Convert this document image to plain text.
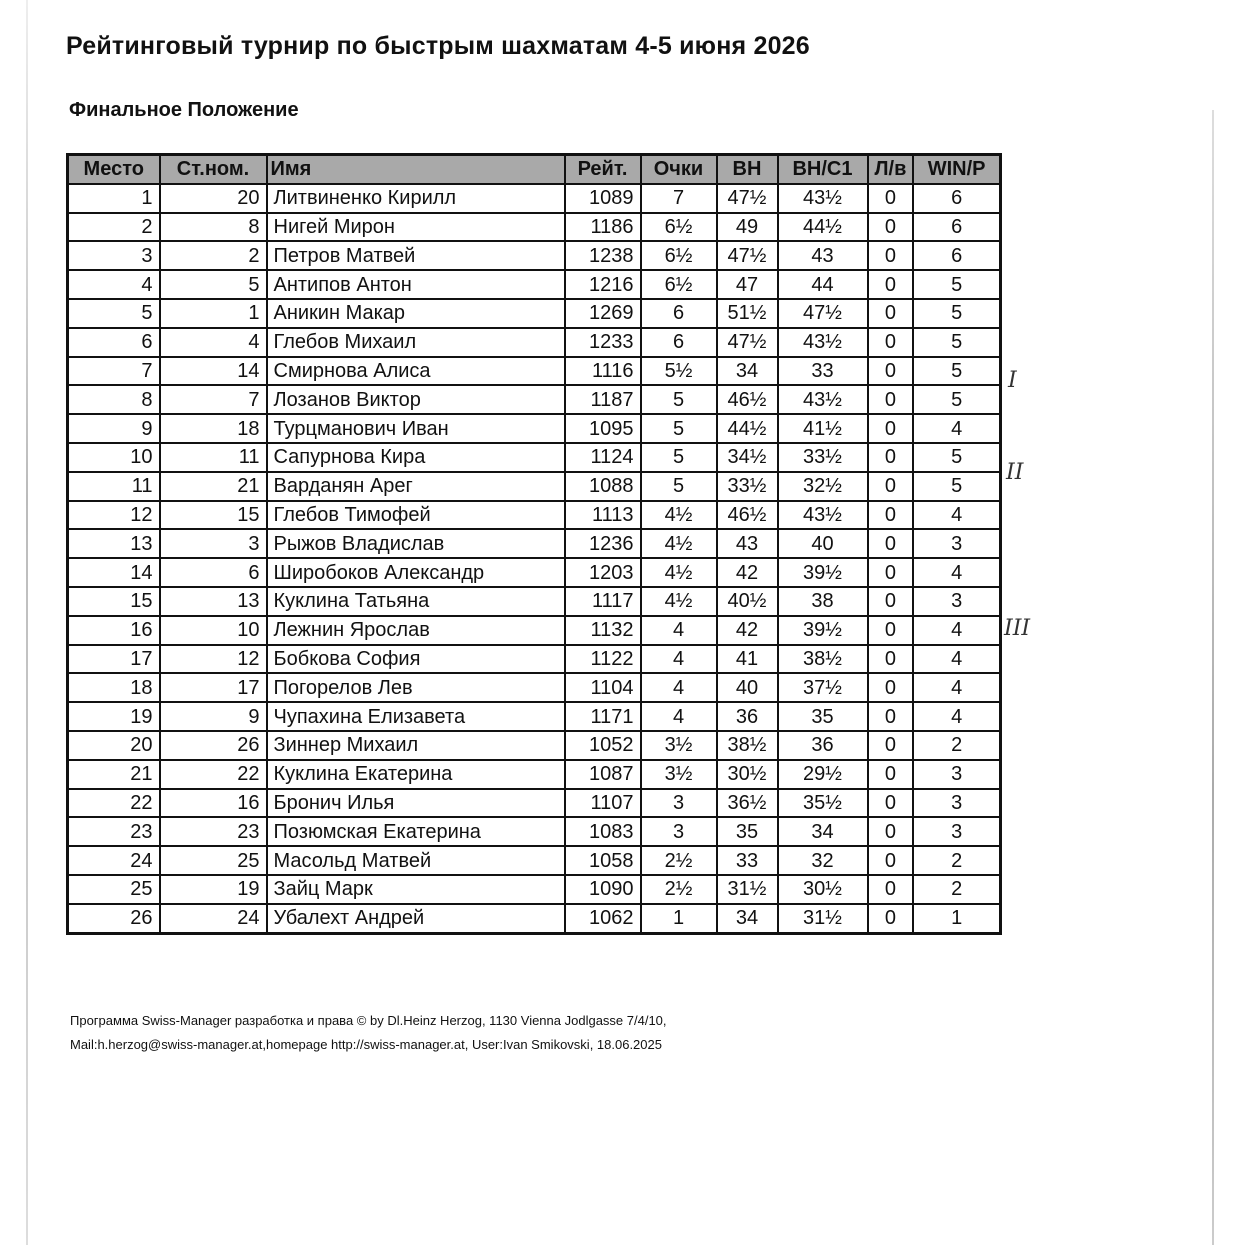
Рейтинговый турнир по быстрым шахматам 4-5 июня 2026
Финальное Положение
Место	Ст.ном.	Имя	Рейт.	Очки	ВН	ВН/С1	Л/в	WIN/P
1	20	Литвиненко Кирилл	1089	7	47½	43½	0	6
2	8	Нигей Мирон	1186	6½	49	44½	0	6
3	2	Петров Матвей	1238	6½	47½	43	0	6
4	5	Антипов Антон	1216	6½	47	44	0	5
5	1	Аникин Макар	1269	6	51½	47½	0	5
6	4	Глебов Михаил	1233	6	47½	43½	0	5
7	14	Смирнова Алиса	1116	5½	34	33	0	5
8	7	Лозанов Виктор	1187	5	46½	43½	0	5
9	18	Турцманович Иван	1095	5	44½	41½	0	4
10	11	Сапурнова Кира	1124	5	34½	33½	0	5
11	21	Варданян Арег	1088	5	33½	32½	0	5
12	15	Глебов Тимофей	1113	4½	46½	43½	0	4
13	3	Рыжов Владислав	1236	4½	43	40	0	3
14	6	Широбоков Александр	1203	4½	42	39½	0	4
15	13	Куклина Татьяна	1117	4½	40½	38	0	3
16	10	Лежнин Ярослав	1132	4	42	39½	0	4
17	12	Бобкова София	1122	4	41	38½	0	4
18	17	Погорелов Лев	1104	4	40	37½	0	4
19	9	Чупахина Елизавета	1171	4	36	35	0	4
20	26	Зиннер Михаил	1052	3½	38½	36	0	2
21	22	Куклина Екатерина	1087	3½	30½	29½	0	3
22	16	Бронич Илья	1107	3	36½	35½	0	3
23	23	Позюмская Екатерина	1083	3	35	34	0	3
24	25	Масольд Матвей	1058	2½	33	32	0	2
25	19	Зайц Марк	1090	2½	31½	30½	0	2
26	24	Убалехт Андрей	1062	1	34	31½	0	1
I
II
III
Программа Swiss-Manager разработка и права © by Dl.Heinz Herzog, 1130 Vienna Jodlgasse 7/4/10,
Mail:h.herzog@swiss-manager.at,homepage http://swiss-manager.at, User:Ivan Smikovski, 18.06.2025
